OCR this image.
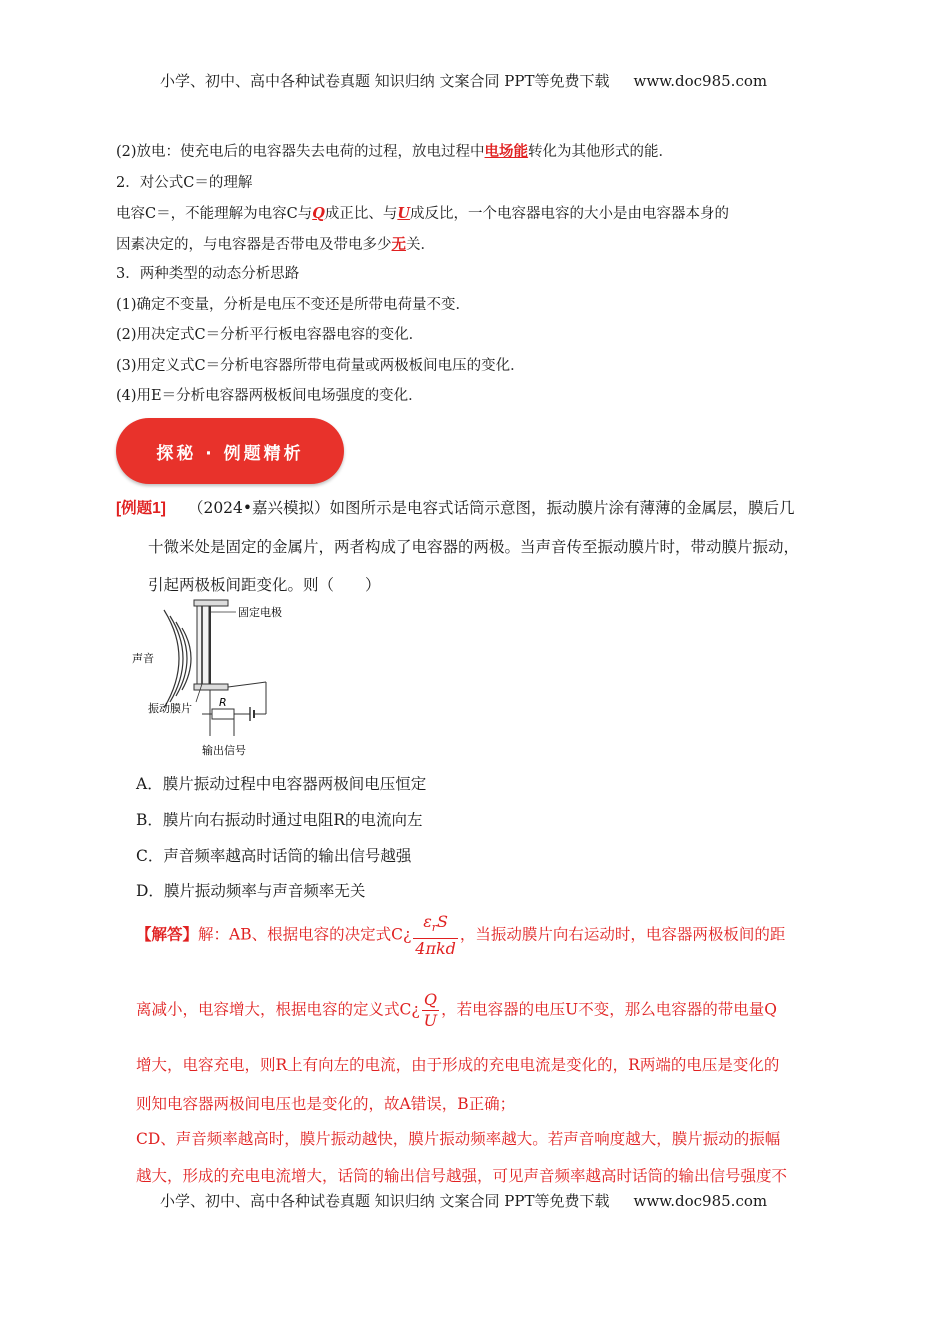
小学、初中、高中各种试卷真题 知识归纳 文案合同 PPT等免费下载 www.doc985.com
(2)放电：使充电后的电容器失去电荷的过程，放电过程中电场能转化为其他形式的能．
2．对公式C＝的理解
电容C＝，不能理解为电容C与Q成正比、与U成反比，一个电容器电容的大小是由电容器本身的
因素决定的，与电容器是否带电及带电多少无关．
3．两种类型的动态分析思路
(1)确定不变量，分析是电压不变还是所带电荷量不变．
(2)用决定式C＝分析平行板电容器电容的变化．
(3)用定义式C＝分析电容器所带电荷量或两极板间电压的变化．
(4)用E＝分析电容器两极板间电场强度的变化．
探秘 · 例题精析
[例题1] （2024•嘉兴模拟）如图所示是电容式话筒示意图，振动膜片涂有薄薄的金属层，膜后几
十微米处是固定的金属片，两者构成了电容器的两极。当声音传至振动膜片时，带动膜片振动，
引起两极板间距变化。则（　　）
固定电极
声音
R
振动膜片
输出信号
A．膜片振动过程中电容器两极间电压恒定
B．膜片向右振动时通过电阻R的电流向左
C．声音频率越高时话筒的输出信号越强
D．膜片振动频率与声音频率无关
【解答】解：AB、根据电容的决定式C¿ $\frac{\varepsilon_rS}{\text{4πkd}}$ ，当振动膜片向右运动时，电容器两极板间的距
离减小，电容增大，根据电容的定义式C¿ $\frac{Q}{U}$ ，若电容器的电压U不变，那么电容器的带电量Q
增大，电容充电，则R上有向左的电流，由于形成的充电电流是变化的，R两端的电压是变化的
则知电容器两极间电压也是变化的，故A错误，B正确；
CD、声音频率越高时，膜片振动越快，膜片振动频率越大。若声音响度越大，膜片振动的振幅
越大，形成的充电电流增大，话筒的输出信号越强，可见声音频率越高时话筒的输出信号强度不
小学、初中、高中各种试卷真题 知识归纳 文案合同 PPT等免费下载 www.doc985.com
